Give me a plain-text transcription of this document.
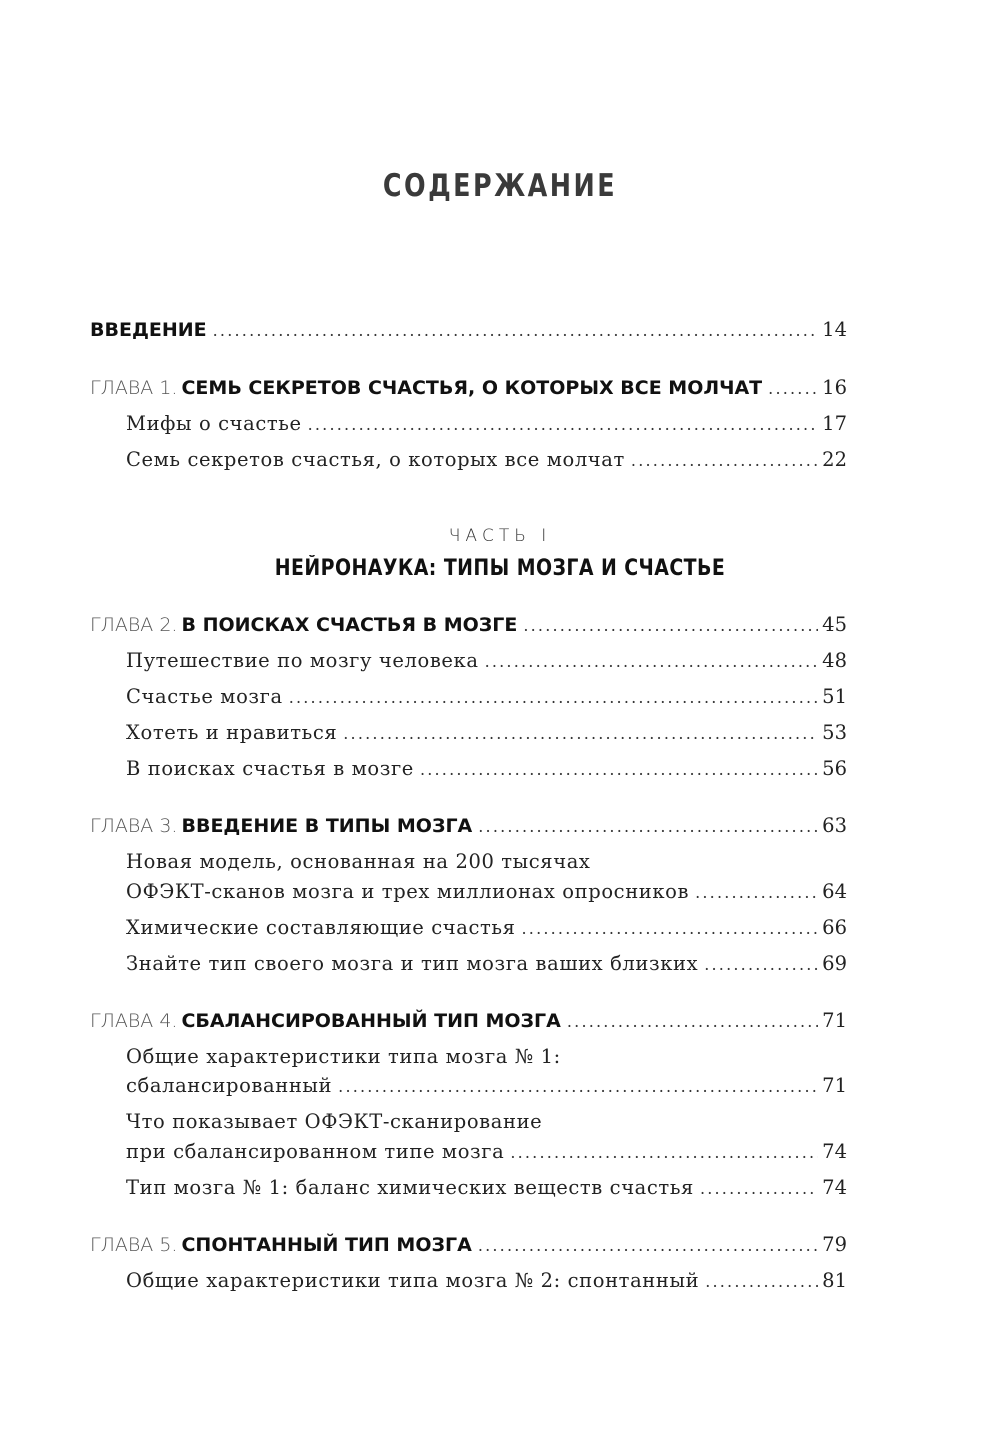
СОДЕРЖАНИЕ
ВВЕДЕНИЕ .....	14
ГЛАВА 1.
СЕМЬ СЕКРЕТОВ СЧАСТЬЯ, О КОТОРЫХ ВСЕ МОЛЧАТ .....	16
Мифы о счастье .....	17
Семь секретов счастья, о которых все молчат .....	22
ЧАСТЬ I
НЕЙРОНАУКА: ТИПЫ МОЗГА И СЧАСТЬЕ
ГЛАВА 2.
В ПОИСКАХ СЧАСТЬЯ В МОЗГЕ .....	45
Путешествие по мозгу человека .....	48
Счастье мозга .....	51
Хотеть и нравиться .....	53
В поисках счастья в мозге .....	56
ГЛАВА 3.
ВВЕДЕНИЕ В ТИПЫ МОЗГА .....	63
Новая модель, основанная на 200 тысячах
ОФЭКТ-сканов мозга и трех миллионах опросников .....	64
Химические составляющие счастья .....	66
Знайте тип своего мозга и тип мозга ваших близких .....	69
ГЛАВА 4.
СБАЛАНСИРОВАННЫЙ ТИП МОЗГА .....	71
Общие характеристики типа мозга № 1:
сбалансированный .....	71
Что показывает ОФЭКТ-сканирование
при сбалансированном типе мозга .....	74
Тип мозга № 1: баланс химических веществ счастья .....	74
ГЛАВА 5.
СПОНТАННЫЙ ТИП МОЗГА .....	79
Общие характеристики типа мозга № 2: спонтанный .....	81
